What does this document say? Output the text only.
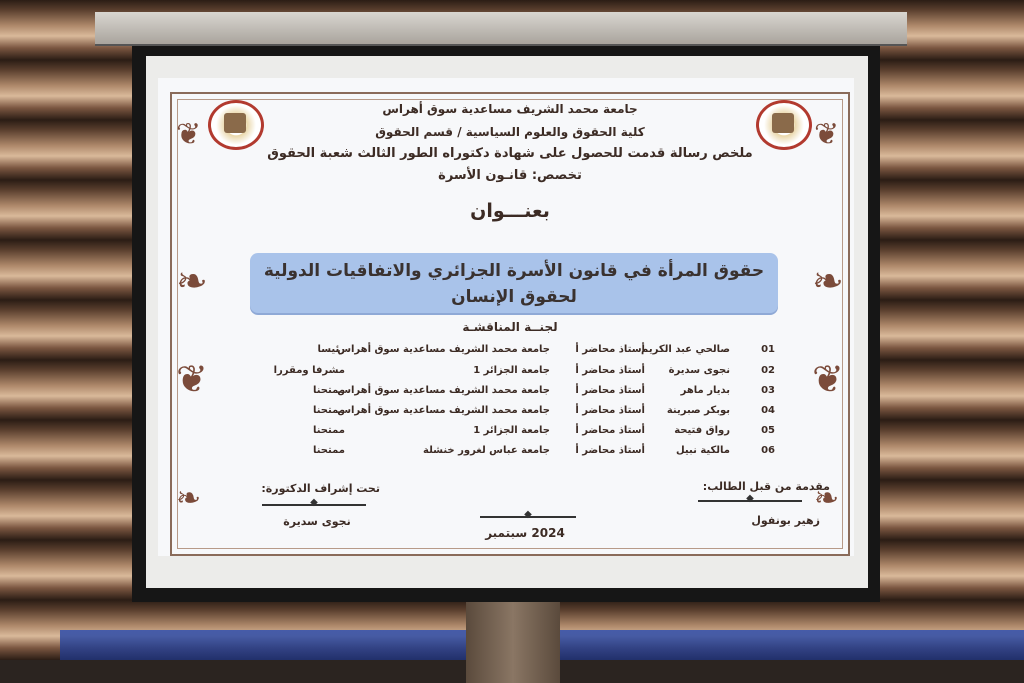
❦
❧
❦
❧
❦
❧
❦
❧
جامعة محمد الشريف مساعدية سوق أهراس
كلية الحقوق والعلوم السياسية / قسم الحقوق
ملخص رسالة قدمت للحصول على شهادة دكتوراه الطور الثالث شعبة الحقوق
تخصص: قانـون الأسرة
بعنـــوان
حقوق المرأة في قانون الأسرة الجزائري والاتفاقيات الدولية لحقوق الإنسان
لجنــة المناقشـة
01
صالحي عبد الكريم
أستاذ محاضر أ
جامعة محمد الشريف مساعدية سوق أهراس
رئيسا
02
نجوى سديرة
أستاذ محاضر أ
جامعة الجزائر 1
مشرفا ومقررا
03
بديار ماهر
أستاذ محاضر أ
جامعة محمد الشريف مساعدية سوق أهراس
ممتحنا
04
بوبكر صبرينة
أستاذ محاضر أ
جامعة محمد الشريف مساعدية سوق أهراس
ممتحنا
05
رواق فتيحة
أستاذ محاضر أ
جامعة الجزائر 1
ممتحنا
06
مالكية نبيل
أستاذ محاضر أ
جامعة عباس لغرور خنشلة
ممتحنا
مقدمة من قبل الطالب:
◆
زهير بونفول
تحت إشراف الدكتورة:
◆
نجوى سديرة
◆
2024 سبتمبر
